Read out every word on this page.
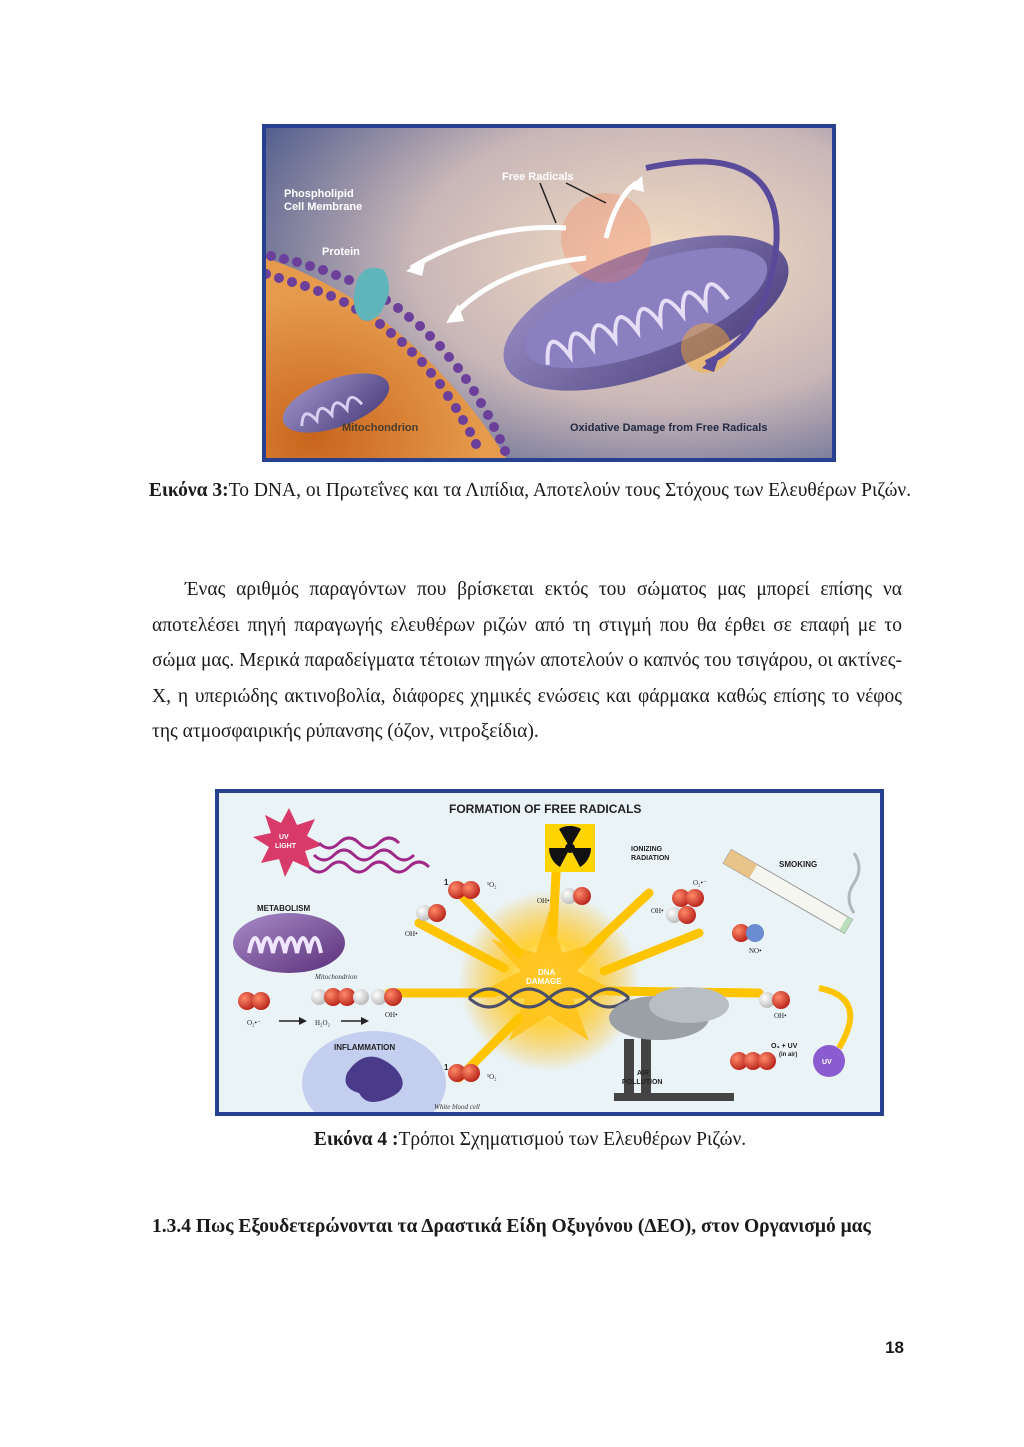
Phospholipid
Cell Membrane
Protein
Free Radicals
Mitochondrion	Oxidative Damage from Free Radicals
Εικόνα 3:Το DNA, οι Πρωτεΐνες και τα Λιπίδια, Αποτελούν τους Στόχους των Ελευθέρων Ριζών.

Ένας αριθμός παραγόντων που βρίσκεται εκτός του σώματος μας μπορεί επίσης να αποτελέσει πηγή παραγωγής ελευθέρων ριζών από τη στιγμή που θα έρθει σε επαφή με το σώμα μας. Μερικά παραδείγματα τέτοιων πηγών αποτελούν ο καπνός του τσιγάρου, οι ακτίνες-Χ, η υπεριώδης ακτινοβολία, διάφορες χημικές ενώσεις και φάρμακα καθώς επίσης το νέφος της ατμοσφαιρικής ρύπανσης (όζον, νιτροξείδια).

FORMATION OF FREE RADICALS
UV
LIGHT	IONIZING
RADIATION
SMOKING
METABOLISM
Mitochondrion	DNA
DAMAGE
INFLAMMATION
White blood cell
AIR
POLLUTION
O₃ + UV
(in air)
UV
OH•
OH•
OH•
OH•
OH•
¹O₂
¹O₂
O₂•⁻
O₂•⁻	H₂O₂
NO•
1
1
Εικόνα 4 :Τρόποι Σχηματισμού των Ελευθέρων Ριζών.

1.3.4 Πως Εξουδετερώνονται τα Δραστικά Είδη Οξυγόνου (ΔΕΟ), στον Οργανισμό μας

18
